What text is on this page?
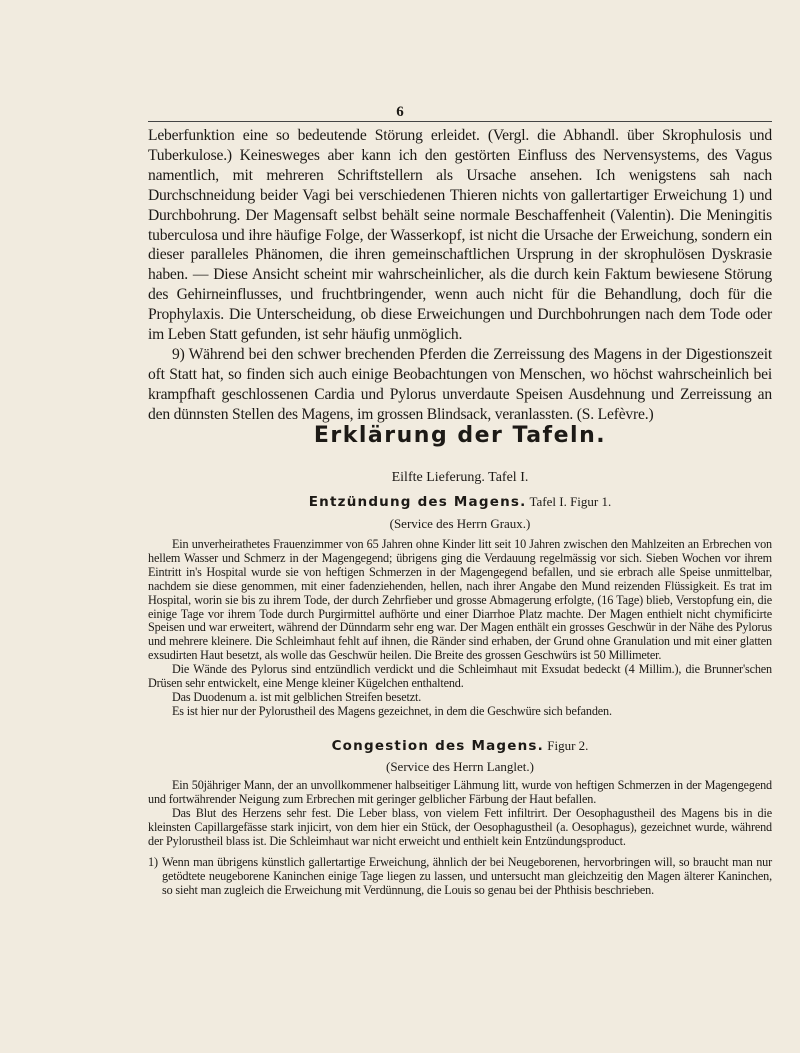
6

Leberfunktion eine so bedeutende Störung erleidet. (Vergl. die Abhandl. über Skrophulosis und Tuberkulose.) Keinesweges aber kann ich den gestörten Einfluss des Nervensystems, des Vagus namentlich, mit mehreren Schriftstellern als Ursache ansehen. Ich wenigstens sah nach Durchschneidung beider Vagi bei verschiedenen Thieren nichts von gallertartiger Erweichung 1) und Durchbohrung. Der Magensaft selbst behält seine normale Beschaffenheit (Valentin). Die Meningitis tuberculosa und ihre häufige Folge, der Wasserkopf, ist nicht die Ursache der Erweichung, sondern ein dieser paralleles Phänomen, die ihren gemeinschaftlichen Ursprung in der skrophulösen Dyskrasie haben. — Diese Ansicht scheint mir wahrscheinlicher, als die durch kein Faktum bewiesene Störung des Gehirneinflusses, und fruchtbringender, wenn auch nicht für die Behandlung, doch für die Prophylaxis. Die Unterscheidung, ob diese Erweichungen und Durchbohrungen nach dem Tode oder im Leben Statt gefunden, ist sehr häufig unmöglich.

9) Während bei den schwer brechenden Pferden die Zerreissung des Magens in der Digestionszeit oft Statt hat, so finden sich auch einige Beobachtungen von Menschen, wo höchst wahrscheinlich bei krampfhaft geschlossenen Cardia und Pylorus unverdaute Speisen Ausdehnung und Zerreissung an den dünnsten Stellen des Magens, im grossen Blindsack, veranlassten. (S. Lefèvre.)

Erklärung der Tafeln.
Eilfte Lieferung. Tafel I.
Entzündung des Magens. Tafel I. Figur 1.
(Service des Herrn Graux.)

Ein unverheirathetes Frauenzimmer von 65 Jahren ohne Kinder litt seit 10 Jahren zwischen den Mahlzeiten an Erbrechen von hellem Wasser und Schmerz in der Magengegend; übrigens ging die Verdauung regelmässig vor sich. Sieben Wochen vor ihrem Eintritt in's Hospital wurde sie von heftigen Schmerzen in der Magengegend befallen, und sie erbrach alle Speise unmittelbar, nachdem sie diese genommen, mit einer fadenziehenden, hellen, nach ihrer Angabe den Mund reizenden Flüssigkeit. Es trat im Hospital, worin sie bis zu ihrem Tode, der durch Zehrfieber und grosse Abmagerung erfolgte, (16 Tage) blieb, Verstopfung ein, die einige Tage vor ihrem Tode durch Purgirmittel aufhörte und einer Diarrhoe Platz machte. Der Magen enthielt nicht chymificirte Speisen und war erweitert, während der Dünndarm sehr eng war. Der Magen enthält ein grosses Geschwür in der Nähe des Pylorus und mehrere kleinere. Die Schleimhaut fehlt auf ihnen, die Ränder sind erhaben, der Grund ohne Granulation und mit einer glatten exsudirten Haut besetzt, als wolle das Geschwür heilen. Die Breite des grossen Geschwürs ist 50 Millimeter.

Die Wände des Pylorus sind entzündlich verdickt und die Schleimhaut mit Exsudat bedeckt (4 Millim.), die Brunner'schen Drüsen sehr entwickelt, eine Menge kleiner Kügelchen enthaltend.

Das Duodenum a. ist mit gelblichen Streifen besetzt.

Es ist hier nur der Pylorustheil des Magens gezeichnet, in dem die Geschwüre sich befanden.

Congestion des Magens. Figur 2.
(Service des Herrn Langlet.)

Ein 50jähriger Mann, der an unvollkommener halbseitiger Lähmung litt, wurde von heftigen Schmerzen in der Magengegend und fortwährender Neigung zum Erbrechen mit geringer gelblicher Färbung der Haut befallen.

Das Blut des Herzens sehr fest. Die Leber blass, von vielem Fett infiltrirt. Der Oesophagustheil des Magens bis in die kleinsten Capillargefässe stark injicirt, von dem hier ein Stück, der Oesophagustheil (a. Oesophagus), gezeichnet wurde, während der Pylorustheil blass ist. Die Schleimhaut war nicht erweicht und enthielt kein Entzündungsproduct.

1) Wenn man übrigens künstlich gallertartige Erweichung, ähnlich der bei Neugeborenen, hervorbringen will, so braucht man nur getödtete neugeborene Kaninchen einige Tage liegen zu lassen, und untersucht man gleichzeitig den Magen älterer Kaninchen, so sieht man zugleich die Erweichung mit Verdünnung, die Louis so genau bei der Phthisis beschrieben.
